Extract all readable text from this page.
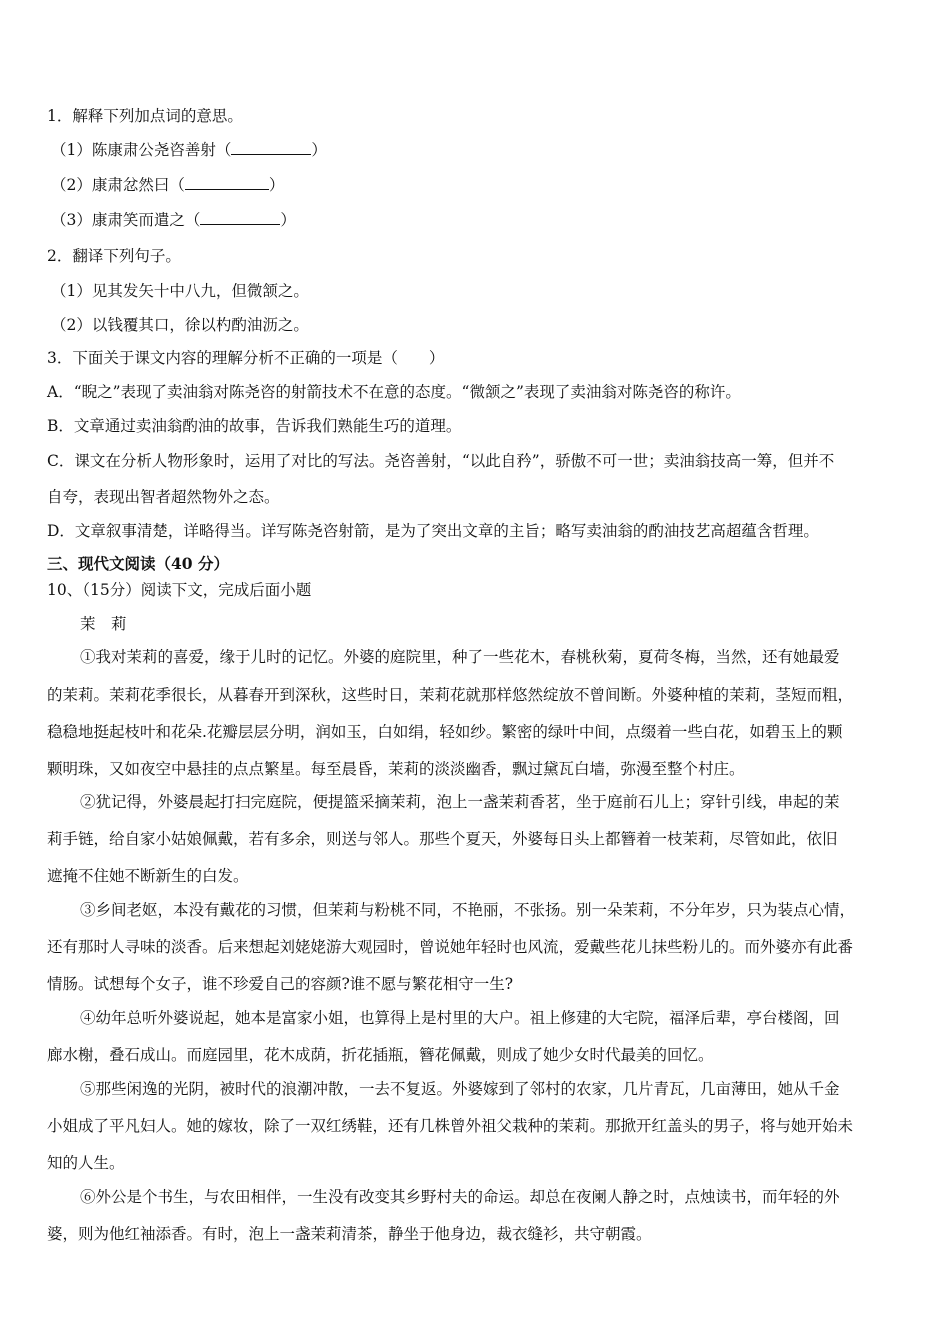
1．解释下列加点词的意思。
（1）陈康肃公尧咨善射（	）
（2）康肃忿然曰（	）
（3）康肃笑而遣之（	）
2．翻译下列句子。
（1）见其发矢十中八九，但微颔之。
（2）以钱覆其口，徐以杓酌油沥之。
3．下面关于课文内容的理解分析不正确的一项是（　　）
A．“睨之”表现了卖油翁对陈尧咨的射箭技术不在意的态度。“微颔之”表现了卖油翁对陈尧咨的称许。
B．文章通过卖油翁酌油的故事，告诉我们熟能生巧的道理。
C．课文在分析人物形象时，运用了对比的写法。尧咨善射，“以此自矜”，骄傲不可一世；卖油翁技高一筹，但并不
自夸，表现出智者超然物外之态。
D．文章叙事清楚，详略得当。详写陈尧咨射箭，是为了突出文章的主旨；略写卖油翁的酌油技艺高超蕴含哲理。
三、现代文阅读（40 分）
10、（15分）阅读下文，完成后面小题
茉　莉
①我对茉莉的喜爱，缘于儿时的记忆。外婆的庭院里，种了一些花木，春桃秋菊，夏荷冬梅，当然，还有她最爱
的茉莉。茉莉花季很长，从暮春开到深秋，这些时日，茉莉花就那样悠然绽放不曾间断。外婆种植的茉莉，茎短而粗，
稳稳地挺起枝叶和花朵.花瓣层层分明，润如玉，白如绢，轻如纱。繁密的绿叶中间，点缀着一些白花，如碧玉上的颗
颗明珠，又如夜空中悬挂的点点繁星。每至晨昏，茉莉的淡淡幽香，飘过黛瓦白墙，弥漫至整个村庄。
②犹记得，外婆晨起打扫完庭院，便提篮采摘茉莉，泡上一盏茉莉香茗，坐于庭前石儿上；穿针引线，串起的茉
莉手链，给自家小姑娘佩戴，若有多余，则送与邻人。那些个夏天，外婆每日头上都簪着一枝茉莉，尽管如此，依旧
遮掩不住她不断新生的白发。
③乡间老妪，本没有戴花的习惯，但茉莉与粉桃不同，不艳丽，不张扬。别一朵茉莉，不分年岁，只为装点心情，
还有那时人寻味的淡香。后来想起刘姥姥游大观园时，曾说她年轻时也风流，爱戴些花儿抹些粉儿的。而外婆亦有此番
情肠。试想每个女子，谁不珍爱自己的容颜?谁不愿与繁花相守一生?
④幼年总听外婆说起，她本是富家小姐，也算得上是村里的大户。祖上修建的大宅院，福泽后辈，亭台楼阁，回
廊水榭，叠石成山。而庭园里，花木成荫，折花插瓶，簪花佩戴，则成了她少女时代最美的回忆。
⑤那些闲逸的光阴，被时代的浪潮冲散，一去不复返。外婆嫁到了邻村的农家，几片青瓦，几亩薄田，她从千金
小姐成了平凡妇人。她的嫁妆，除了一双红绣鞋，还有几株曾外祖父栽种的茉莉。那掀开红盖头的男子，将与她开始未
知的人生。
⑥外公是个书生，与农田相伴，一生没有改变其乡野村夫的命运。却总在夜阑人静之时，点烛读书，而年轻的外
婆，则为他红袖添香。有时，泡上一盏茉莉清茶，静坐于他身边，裁衣缝衫，共守朝霞。
